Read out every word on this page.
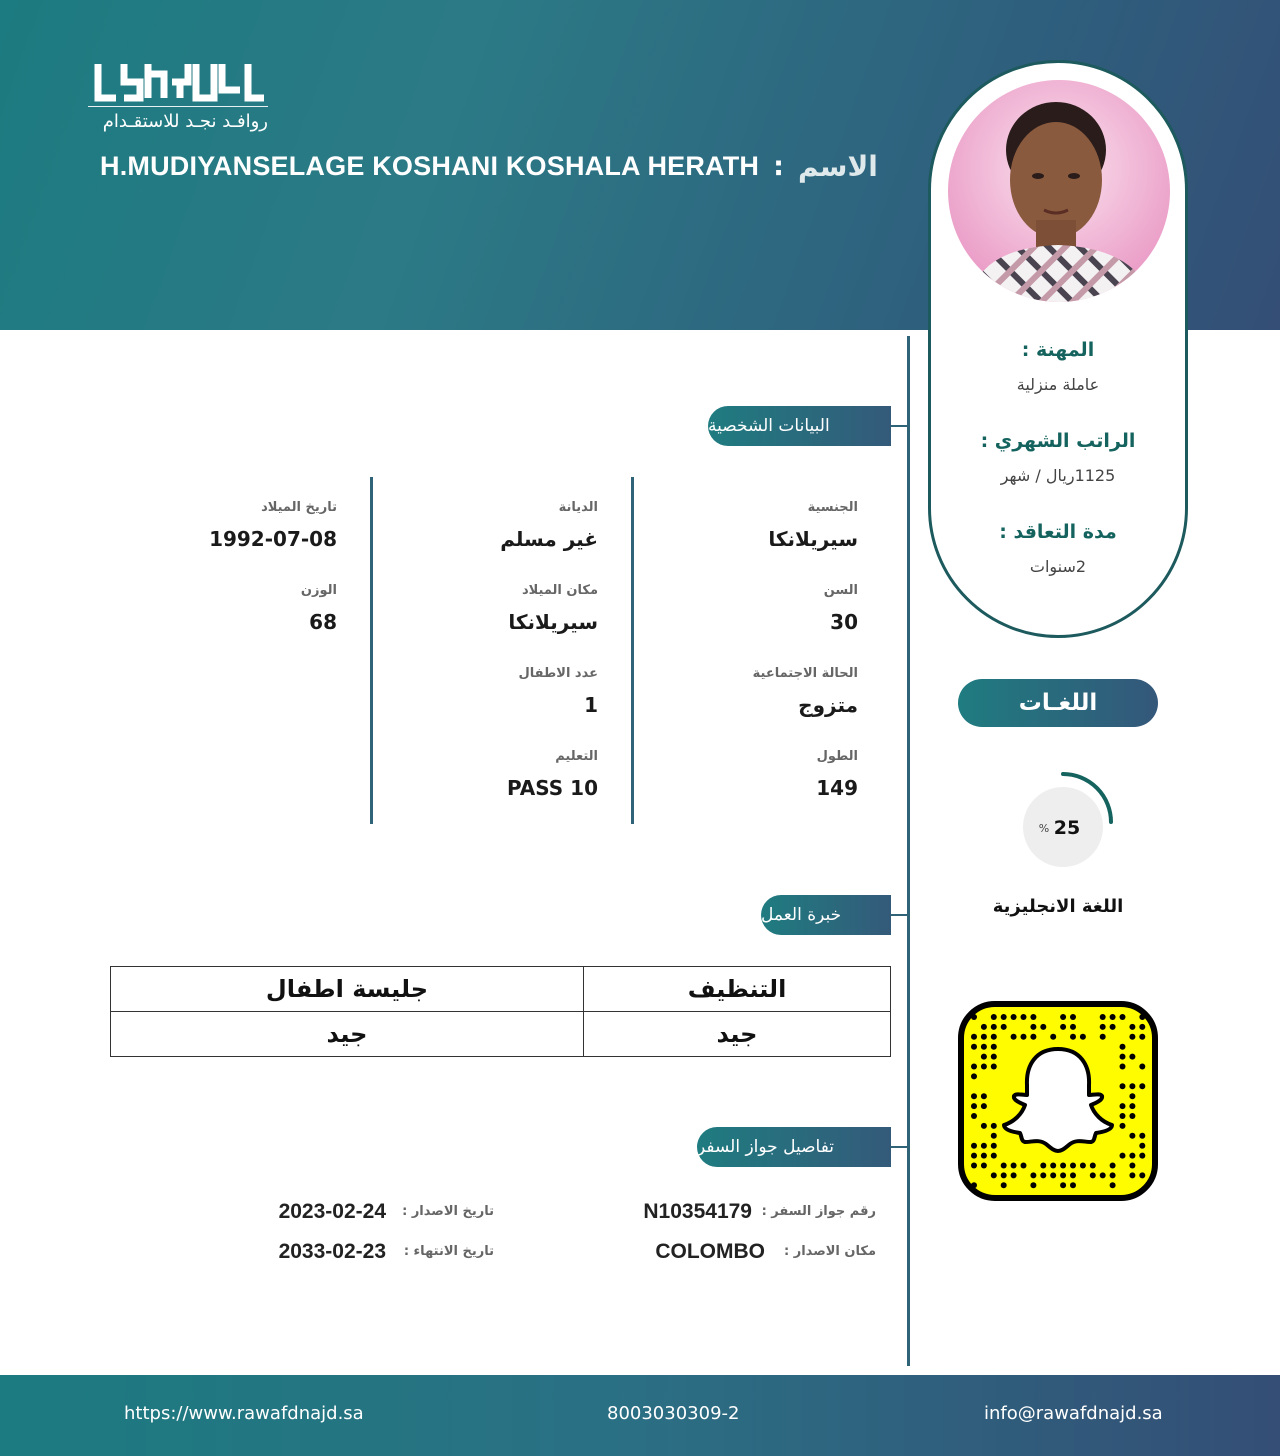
روافـد نجـد للاستقـدام
H.MUDIYANSELAGE KOSHANI KOSHALA HERATH : الاسم
المهنة :
عاملة منزلية
الراتب الشهري :
1125ريال / شهر
مدة التعاقد :
2سنوات
اللغـات
25
%
اللغة الانجليزية
البيانات الشخصية
الجنسية
سيريلانكا
السن
30
الحالة الاجتماعية
متزوج
الطول
149
الديانة
غير مسلم
مكان الميلاد
سيريلانكا
عدد الاطفال
1
التعليم
PASS 10
تاريخ الميلاد
1992-07-08
الوزن
68
خبرة العمل
التنظيف	جليسة اطفال
جيد	جيد
تفاصيل جواز السفر
رقم جواز السفر :
N10354179
مكان الاصدار :
COLOMBO
تاريخ الاصدار :
2023-02-24
تاريخ الانتهاء :
2033-02-23
https://www.rawafdnajd.sa	8003030309-2	info@rawafdnajd.sa
